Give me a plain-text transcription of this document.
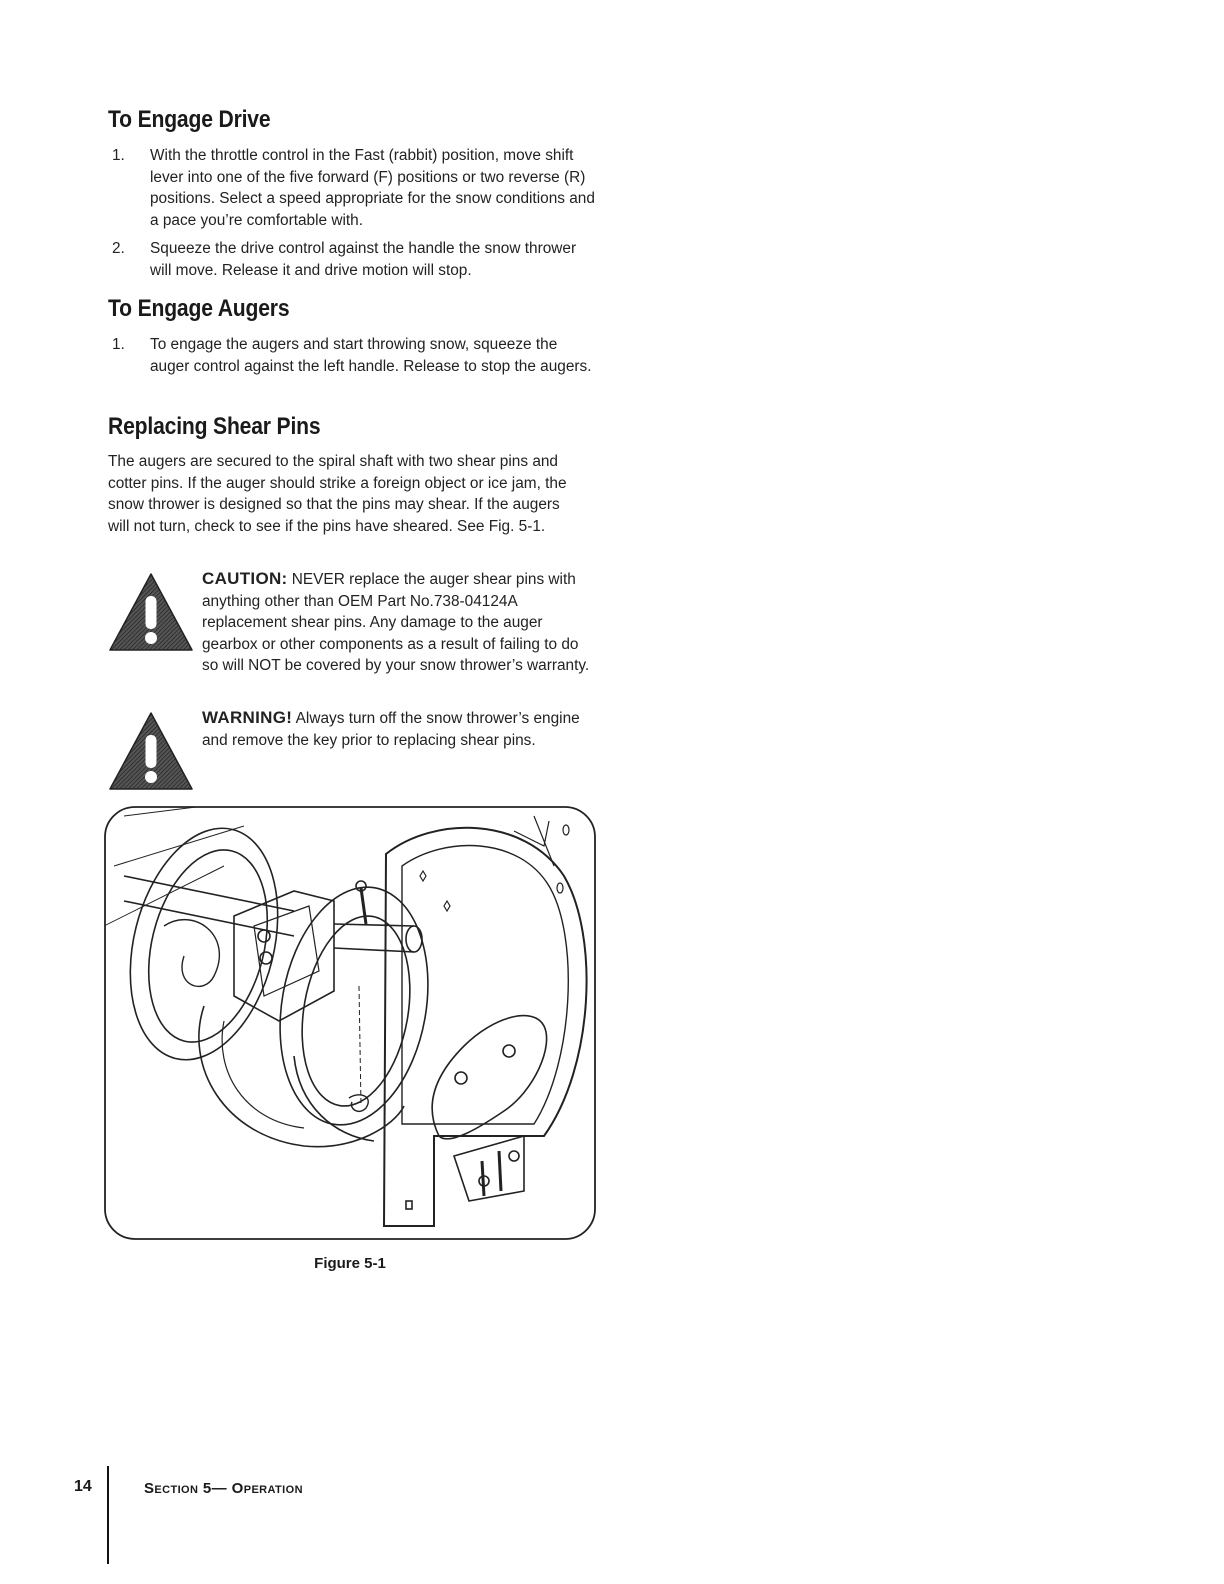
To Engage Drive
1. With the throttle control in the Fast (rabbit) position, move shift lever into one of the five forward (F) positions or two reverse (R) positions. Select a speed appropriate for the snow conditions and a pace you’re comfortable with.
2. Squeeze the drive control against the handle the snow thrower will move. Release it and drive motion will stop.
To Engage Augers
1. To engage the augers and start throwing snow, squeeze the auger control against the left handle. Release to stop the augers.
Replacing Shear Pins

The augers are secured to the spiral shaft with two shear pins and cotter pins. If the auger should strike a foreign object or ice jam, the snow thrower is designed so that the pins may shear. If the augers will not turn, check to see if the pins have sheared. See Fig. 5-1.

CAUTION: NEVER replace the auger shear pins with anything other than OEM Part No.738-04124A replacement shear pins. Any damage to the auger gearbox or other components as a result of failing to do so will NOT be covered by your snow thrower’s warranty.
WARNING! Always turn off the snow thrower’s engine and remove the key prior to replacing shear pins.
Figure 5-1
14	Section 5— Operation
